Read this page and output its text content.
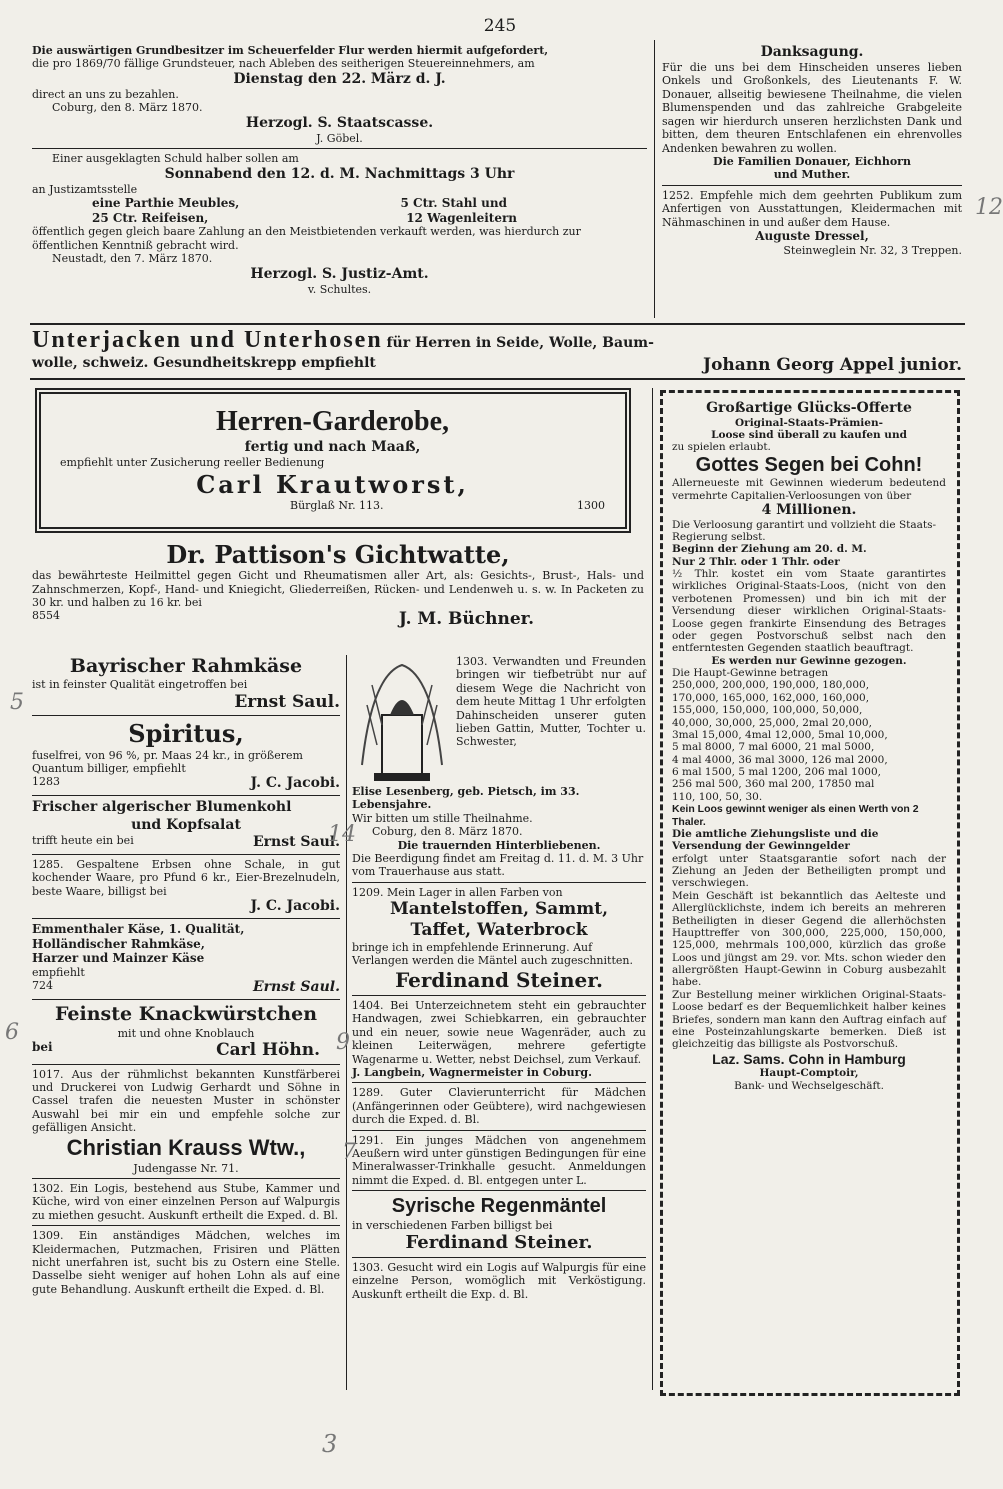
245
Die auswärtigen Grundbesitzer im Scheuerfelder Flur werden hiermit aufgefordert,
die pro 1869/70 fällige Grundsteuer, nach Ableben des seitherigen Steuereinnehmers, am
Dienstag den 22. März d. J.
direct an uns zu bezahlen.
Coburg, den 8. März 1870.
Herzogl. S. Staatscasse.
J. Göbel.
Einer ausgeklagten Schuld halber sollen am
Sonnabend den 12. d. M. Nachmittags 3 Uhr
an Justizamtsstelle
eine Parthie Meubles,	5 Ctr. Stahl und
25 Ctr. Reifeisen,	12 Wagenleitern
öffentlich gegen gleich baare Zahlung an den Meistbietenden verkauft werden, was hierdurch zur öffentlichen Kenntniß gebracht wird.
Neustadt, den 7. März 1870.
Herzogl. S. Justiz-Amt.
v. Schultes.
Danksagung.
Für die uns bei dem Hinscheiden unseres lieben Onkels und Großonkels, des Lieutenants F. W. Donauer, allseitig bewiesene Theilnahme, die vielen Blumenspenden und das zahlreiche Grabgeleite sagen wir hierdurch unseren herzlichsten Dank und bitten, dem theuren Entschlafenen ein ehrenvolles Andenken bewahren zu wollen.
Die Familien Donauer, Eichhorn
und Muther.
1252. Empfehle mich dem geehrten Publikum zum Anfertigen von Ausstattungen, Kleidermachen mit Nähmaschinen in und außer dem Hause.
Auguste Dressel,
Steinweglein Nr. 32, 3 Treppen.
Unterjacken und Unterhosen für Herren in Seide, Wolle, Baum-
wolle, schweiz. Gesundheitskrepp empfiehlt	Johann Georg Appel junior.
Herren-Garderobe,
fertig und nach Maaß,
empfiehlt unter Zusicherung reeller Bedienung
Carl Krautworst,
Bürglaß Nr. 113.	1300
Dr. Pattison's Gichtwatte,
das bewährteste Heilmittel gegen Gicht und Rheumatismen aller Art, als: Gesichts-, Brust-, Hals- und Zahnschmerzen, Kopf-, Hand- und Kniegicht, Gliederreißen, Rücken- und Lendenweh u. s. w. In Packeten zu 30 kr. und halben zu 16 kr. bei
8554	J. M. Büchner.
Bayrischer Rahmkäse
ist in feinster Qualität eingetroffen bei
Ernst Saul.
Spiritus,
fuselfrei, von 96 %, pr. Maas 24 kr., in größerem Quantum billiger, empfiehlt
1283	J. C. Jacobi.
Frischer algerischer Blumenkohl
und Kopfsalat
trifft heute ein bei	Ernst Saul.
1285. Gespaltene Erbsen ohne Schale, in gut kochender Waare, pro Pfund 6 kr., Eier-Brezelnudeln, beste Waare, billigst bei
J. C. Jacobi.
Emmenthaler Käse, 1. Qualität,
Holländischer Rahmkäse,
Harzer und Mainzer Käse
empfiehlt
724	Ernst Saul.
Feinste Knackwürstchen
mit und ohne Knoblauch
bei	Carl Höhn.
1017. Aus der rühmlichst bekannten Kunstfärberei und Druckerei von Ludwig Gerhardt und Söhne in Cassel trafen die neuesten Muster in schönster Auswahl bei mir ein und empfehle solche zur gefälligen Ansicht.
Christian Krauss Wtw.,
Judengasse Nr. 71.
1302. Ein Logis, bestehend aus Stube, Kammer und Küche, wird von einer einzelnen Person auf Walpurgis zu miethen gesucht. Auskunft ertheilt die Exped. d. Bl.
1309. Ein anständiges Mädchen, welches im Kleidermachen, Putzmachen, Frisiren und Plätten nicht unerfahren ist, sucht bis zu Ostern eine Stelle. Dasselbe sieht weniger auf hohen Lohn als auf eine gute Behandlung. Auskunft ertheilt die Exped. d. Bl.
1303. Verwandten und Freunden bringen wir tiefbetrübt nur auf diesem Wege die Nachricht von dem heute Mittag 1 Uhr erfolgten Dahinscheiden unserer guten lieben Gattin, Mutter, Tochter u. Schwester,
Elise Lesenberg, geb. Pietsch, im 33. Lebensjahre.
Wir bitten um stille Theilnahme.
Coburg, den 8. März 1870.
Die trauernden Hinterbliebenen.
Die Beerdigung findet am Freitag d. 11. d. M. 3 Uhr vom Trauerhause aus statt.
1209. Mein Lager in allen Farben von
Mantelstoffen, Sammt,
Taffet, Waterbrock
bringe ich in empfehlende Erinnerung. Auf Verlangen werden die Mäntel auch zugeschnitten.
Ferdinand Steiner.
1404. Bei Unterzeichnetem steht ein gebrauchter Handwagen, zwei Schiebkarren, ein gebrauchter und ein neuer, sowie neue Wagenräder, auch zu kleinen Leiterwägen, mehrere gefertigte Wagenarme u. Wetter, nebst Deichsel, zum Verkauf.
J. Langbein, Wagnermeister in Coburg.
1289. Guter Clavierunterricht für Mädchen (Anfängerinnen oder Geübtere), wird nachgewiesen durch die Exped. d. Bl.
1291. Ein junges Mädchen von angenehmem Aeußern wird unter günstigen Bedingungen für eine Mineralwasser-Trinkhalle gesucht. Anmeldungen nimmt die Exped. d. Bl. entgegen unter L.
Syrische Regenmäntel
in verschiedenen Farben billigst bei
Ferdinand Steiner.
1303. Gesucht wird ein Logis auf Walpurgis für eine einzelne Person, womöglich mit Verköstigung. Auskunft ertheilt die Exp. d. Bl.
Großartige Glücks-Offerte
Original-Staats-Prämien-
Loose sind überall zu kaufen und
zu spielen erlaubt.
Gottes Segen bei Cohn!
Allerneueste mit Gewinnen wiederum bedeutend vermehrte Capitalien-Verloosungen von über
4 Millionen.
Die Verloosung garantirt und vollzieht die Staats-Regierung selbst.
Beginn der Ziehung am 20. d. M.
Nur 2 Thlr. oder 1 Thlr. oder
½ Thlr. kostet ein vom Staate garantirtes wirkliches Original-Staats-Loos, (nicht von den verbotenen Promessen) und bin ich mit der Versendung dieser wirklichen Original-Staats-Loose gegen frankirte Einsendung des Betrages oder gegen Postvorschuß selbst nach den entferntesten Gegenden staatlich beauftragt.
Es werden nur Gewinne gezogen.
Die Haupt-Gewinne betragen
250,000, 200,000, 190,000, 180,000,
170,000, 165,000, 162,000, 160,000,
155,000, 150,000, 100,000, 50,000,
40,000, 30,000, 25,000, 2mal 20,000,
3mal 15,000, 4mal 12,000, 5mal 10,000,
5 mal 8000, 7 mal 6000, 21 mal 5000,
4 mal 4000, 36 mal 3000, 126 mal 2000,
6 mal 1500, 5 mal 1200, 206 mal 1000,
256 mal 500, 360 mal 200, 17850 mal
110, 100, 50, 30.
Kein Loos gewinnt weniger als einen Werth von 2 Thaler.
Die amtliche Ziehungsliste und die Versendung der Gewinngelder
erfolgt unter Staatsgarantie sofort nach der Ziehung an Jeden der Betheiligten prompt und verschwiegen.
Mein Geschäft ist bekanntlich das Aelteste und Allerglücklichste, indem ich bereits an mehreren Betheiligten in dieser Gegend die allerhöchsten Haupttreffer von 300,000, 225,000, 150,000, 125,000, mehrmals 100,000, kürzlich das große Loos und jüngst am 29. vor. Mts. schon wieder den allergrößten Haupt-Gewinn in Coburg ausbezahlt habe.
Zur Bestellung meiner wirklichen Original-Staats-Loose bedarf es der Bequemlichkeit halber keines Briefes, sondern man kann den Auftrag einfach auf eine Posteinzahlungskarte bemerken. Dieß ist gleichzeitig das billigste als Postvorschuß.
Laz. Sams. Cohn in Hamburg
Haupt-Comptoir,
Bank- und Wechselgeschäft.
12
14
9
7
6
5
3
